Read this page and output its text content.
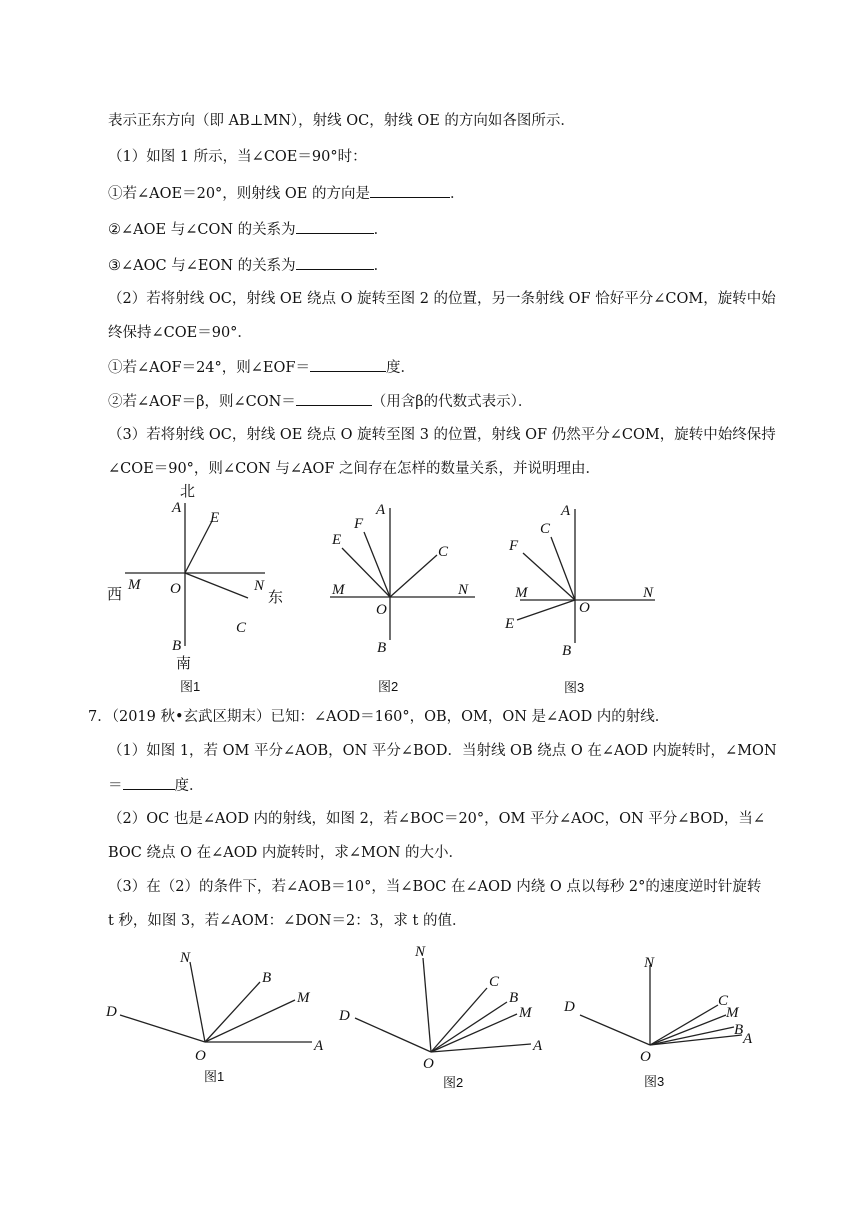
表示正东方向（即 AB⊥MN），射线 OC，射线 OE 的方向如各图所示．
（1）如图 1 所示，当∠COE＝90°时：
①若∠AOE＝20°，则射线 OE 的方向是	．
②∠AOE 与∠CON 的关系为	．
③∠AOC 与∠EON 的关系为	．
（2）若将射线 OC，射线 OE 绕点 O 旋转至图 2 的位置，另一条射线 OF 恰好平分∠COM，旋转中始
终保持∠COE＝90°．
①若∠AOF＝24°，则∠EOF＝	度．
②若∠AOF＝β，则∠CON＝	（用含β的代数式表示）．
（3）若将射线 OC，射线 OE 绕点 O 旋转至图 3 的位置，射线 OF 仍然平分∠COM，旋转中始终保持
∠COE＝90°，则∠CON 与∠AOF 之间存在怎样的数量关系，并说明理由．
北
A
E
西
M	N
东
O
C
B
南
图1
A
F
E
C
M	N
O
B
图2
A
C
F
M	N
O
E
B
图3
7．（2019 秋•玄武区期末）已知：∠AOD＝160°，OB，OM，ON 是∠AOD 内的射线．
（1）如图 1，若 OM 平分∠AOB，ON 平分∠BOD．当射线 OB 绕点 O 在∠AOD 内旋转时，∠MON
＝	度．
（2）OC 也是∠AOD 内的射线，如图 2，若∠BOC＝20°，OM 平分∠AOC，ON 平分∠BOD，当∠
BOC 绕点 O 在∠AOD 内旋转时，求∠MON 的大小．
（3）在（2）的条件下，若∠AOB＝10°，当∠BOC 在∠AOD 内绕 O 点以每秒 2°的速度逆时针旋转
t 秒，如图 3，若∠AOM：∠DON＝2：3，求 t 的值．
D
N
B
M
O
A
图1
D
N
C
B
M
O
A
图2
D
N
C
M
B
O
A
图3
